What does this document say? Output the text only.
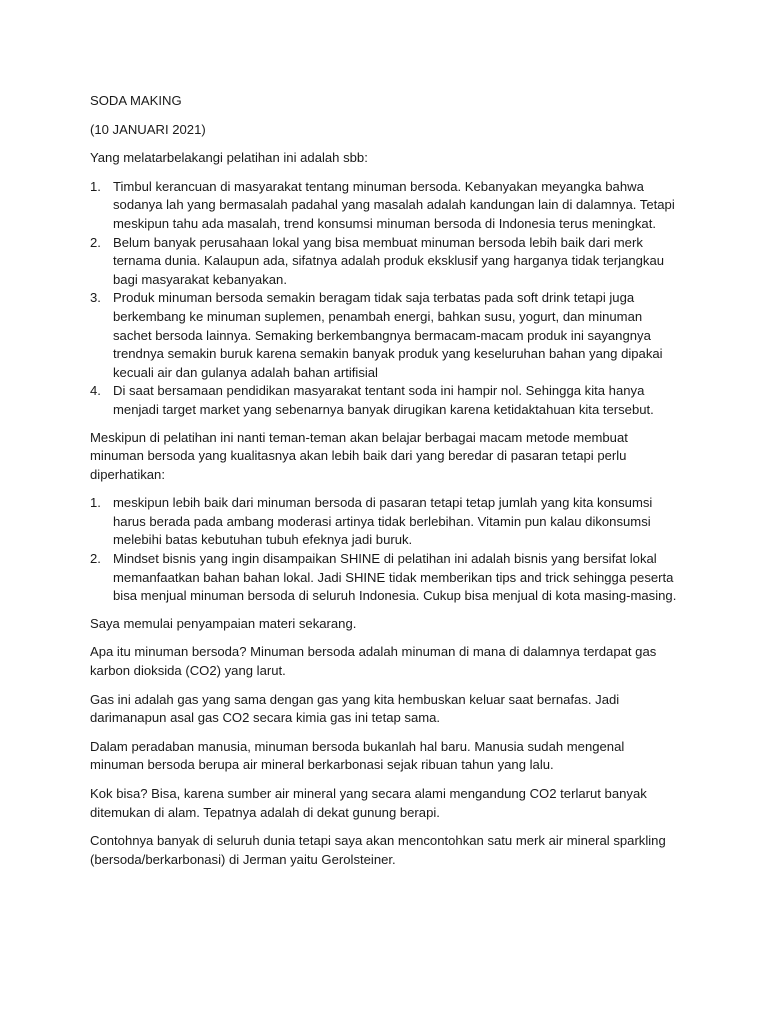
SODA MAKING

(10 JANUARI 2021)

Yang melatarbelakangi pelatihan ini adalah sbb:

1. Timbul kerancuan di masyarakat tentang minuman bersoda. Kebanyakan meyangka bahwa sodanya lah yang bermasalah padahal yang masalah adalah kandungan lain di dalamnya. Tetapi meskipun tahu ada masalah, trend konsumsi minuman bersoda di Indonesia terus meningkat.
2. Belum banyak perusahaan lokal yang bisa membuat minuman bersoda lebih baik dari merk ternama dunia. Kalaupun ada, sifatnya adalah produk eksklusif yang harganya tidak terjangkau bagi masyarakat kebanyakan.
3. Produk minuman bersoda semakin beragam tidak saja terbatas pada soft drink tetapi juga berkembang ke minuman suplemen, penambah energi, bahkan susu, yogurt, dan minuman sachet bersoda lainnya. Semaking berkembangnya bermacam-macam produk ini sayangnya trendnya semakin buruk karena semakin banyak produk yang keseluruhan bahan yang dipakai kecuali air dan gulanya adalah bahan artifisial
4. Di saat bersamaan pendidikan masyarakat tentant soda ini hampir nol. Sehingga kita hanya menjadi target market yang sebenarnya banyak dirugikan karena ketidaktahuan kita tersebut.

Meskipun di pelatihan ini nanti teman-teman akan belajar berbagai macam metode membuat minuman bersoda yang kualitasnya akan lebih baik dari yang beredar di pasaran tetapi perlu diperhatikan:

1. meskipun lebih baik dari minuman bersoda di pasaran tetapi tetap jumlah yang kita konsumsi harus berada pada ambang moderasi artinya tidak berlebihan. Vitamin pun kalau dikonsumsi melebihi batas kebutuhan tubuh efeknya jadi buruk.
2. Mindset bisnis yang ingin disampaikan SHINE di pelatihan ini adalah bisnis yang bersifat lokal memanfaatkan bahan bahan lokal. Jadi SHINE tidak memberikan tips and trick sehingga peserta bisa menjual minuman bersoda di seluruh Indonesia. Cukup bisa menjual di kota masing-masing.

Saya memulai penyampaian materi sekarang.

Apa itu minuman bersoda? Minuman bersoda adalah minuman di mana di dalamnya terdapat gas karbon dioksida (CO2) yang larut.

Gas ini adalah gas yang sama dengan gas yang kita hembuskan keluar saat bernafas. Jadi darimanapun asal gas CO2 secara kimia gas ini tetap sama.

Dalam peradaban manusia, minuman bersoda bukanlah hal baru. Manusia sudah mengenal minuman bersoda berupa air mineral berkarbonasi sejak ribuan tahun yang lalu.

Kok bisa? Bisa, karena sumber air mineral yang secara alami mengandung CO2 terlarut banyak ditemukan di alam. Tepatnya adalah di dekat gunung berapi.

Contohnya banyak di seluruh dunia tetapi saya akan mencontohkan satu merk air mineral sparkling (bersoda/berkarbonasi) di Jerman yaitu Gerolsteiner.
